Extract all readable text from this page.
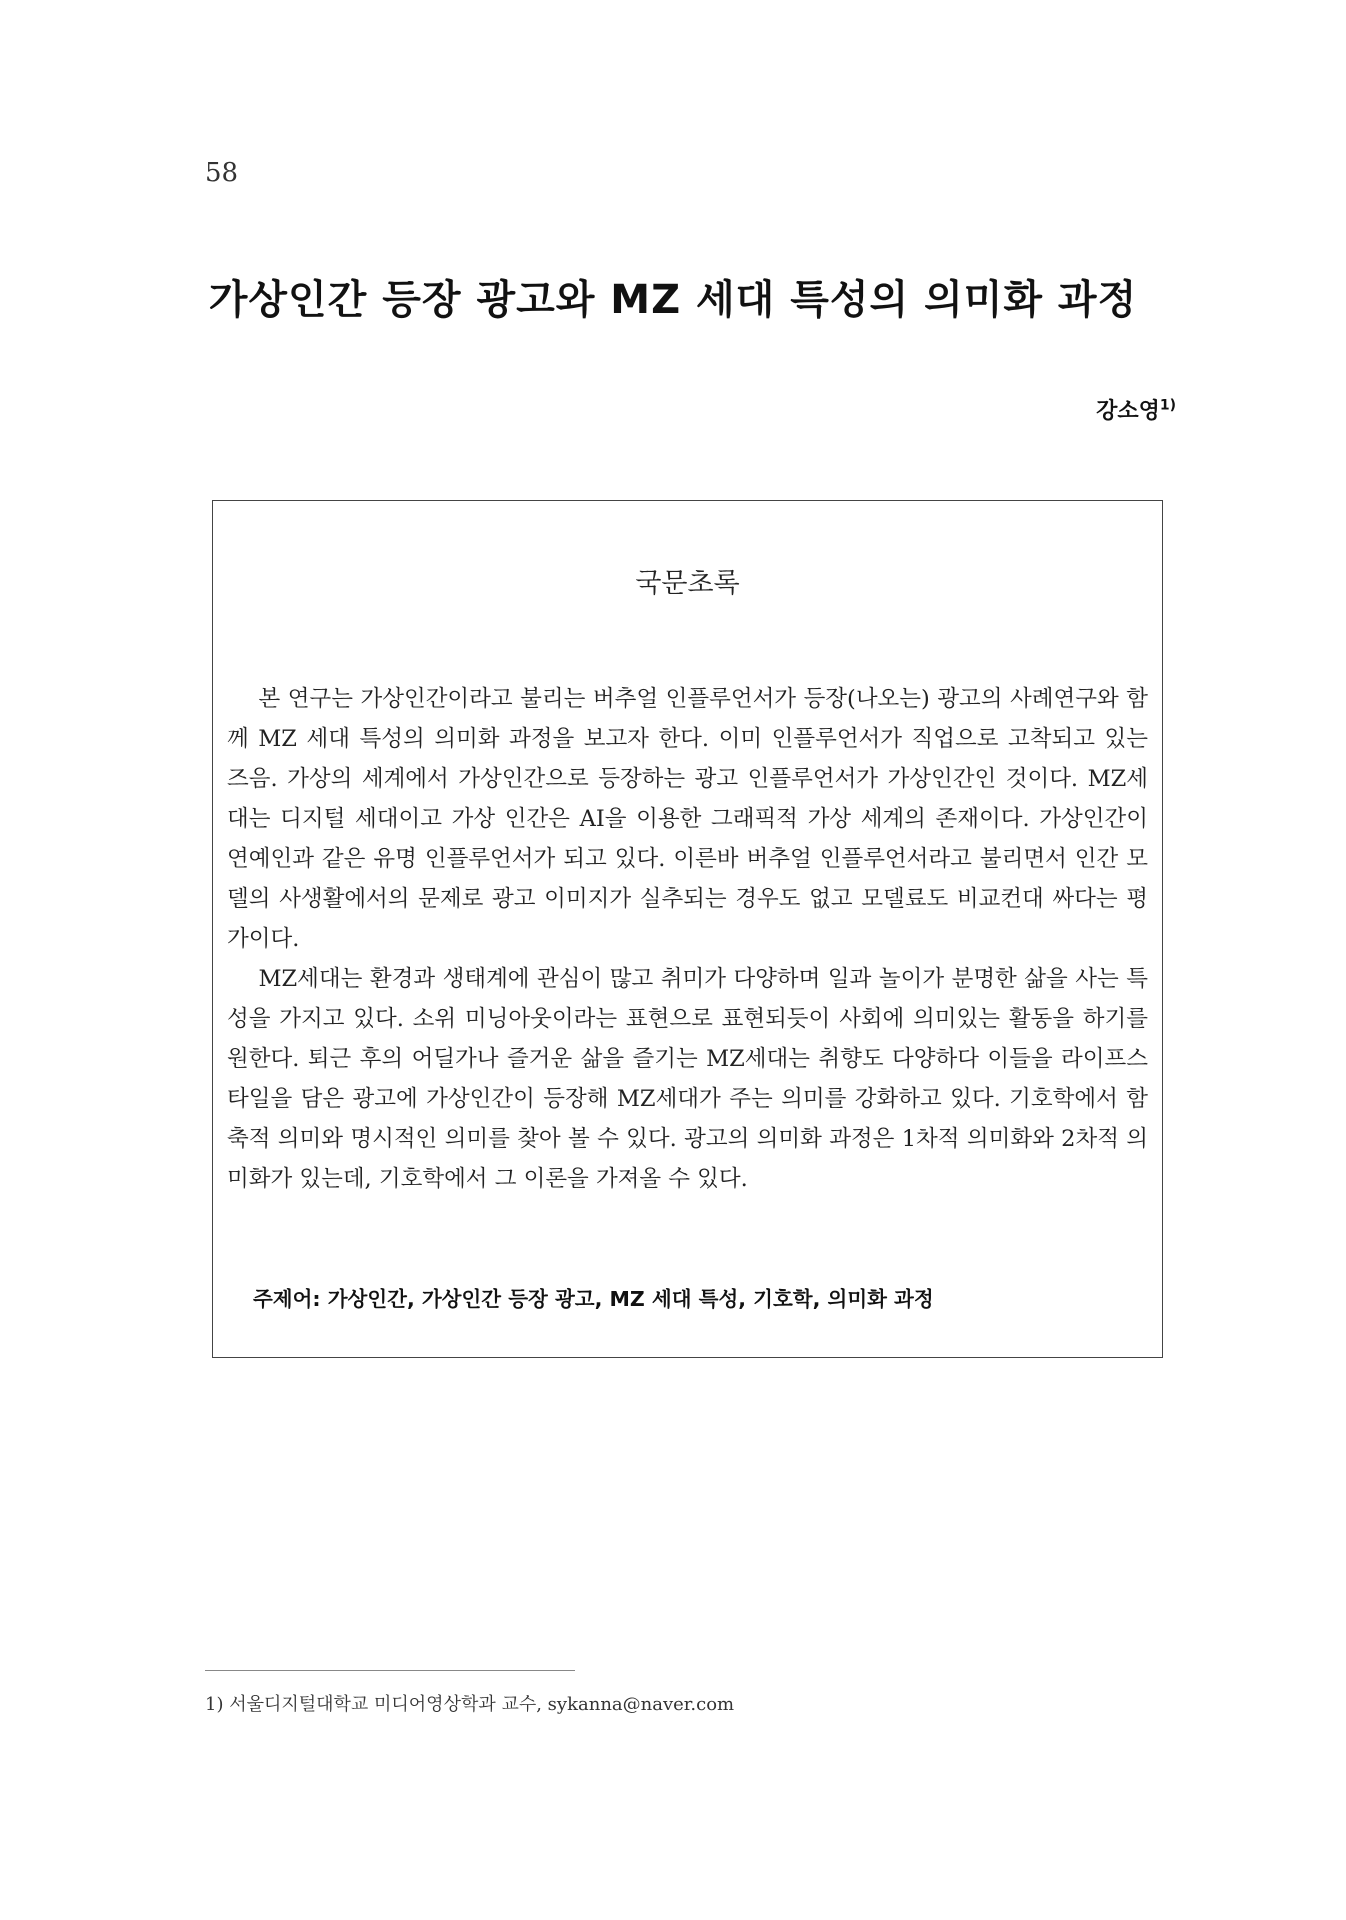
58
가상인간 등장 광고와 MZ 세대 특성의 의미화 과정
강소영$^{1)}$
국문초록

본 연구는 가상인간이라고 불리는 버추얼 인플루언서가 등장(나오는) 광고의 사례연구와 함께 MZ 세대 특성의 의미화 과정을 보고자 한다. 이미 인플루언서가 직업으로 고착되고 있는 즈음. 가상의 세계에서 가상인간으로 등장하는 광고 인플루언서가 가상인간인 것이다. MZ세대는 디지털 세대이고 가상 인간은 AI을 이용한 그래픽적 가상 세계의 존재이다. 가상인간이 연예인과 같은 유명 인플루언서가 되고 있다. 이른바 버추얼 인플루언서라고 불리면서 인간 모델의 사생활에서의 문제로 광고 이미지가 실추되는 경우도 없고 모델료도 비교컨대 싸다는 평가이다.

MZ세대는 환경과 생태계에 관심이 많고 취미가 다양하며 일과 놀이가 분명한 삶을 사는 특성을 가지고 있다. 소위 미닝아웃이라는 표현으로 표현되듯이 사회에 의미있는 활동을 하기를 원한다. 퇴근 후의 어딜가나 즐거운 삶을 즐기는 MZ세대는 취향도 다양하다 이들을 라이프스타일을 담은 광고에 가상인간이 등장해 MZ세대가 주는 의미를 강화하고 있다. 기호학에서 함축적 의미와 명시적인 의미를 찾아 볼 수 있다. 광고의 의미화 과정은 1차적 의미화와 2차적 의미화가 있는데, 기호학에서 그 이론을 가져올 수 있다.

주제어: 가상인간, 가상인간 등장 광고, MZ 세대 특성, 기호학, 의미화 과정
1) 서울디지털대학교 미디어영상학과 교수, sykanna@naver.com
